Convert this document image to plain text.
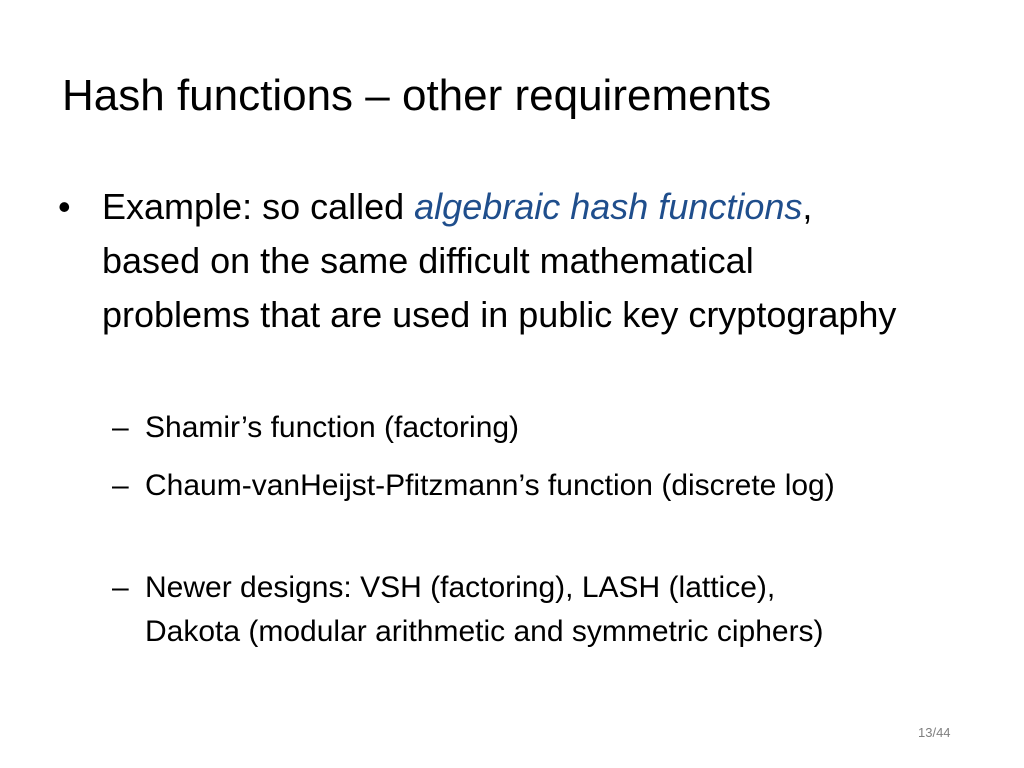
Hash functions – other requirements
• Example: so called algebraic hash functions, based on the same difficult mathematical problems that are used in public key cryptography
– Shamir’s function (factoring)
– Chaum-vanHeijst-Pfitzmann’s function (discrete log)
– Newer designs: VSH (factoring), LASH (lattice), Dakota (modular arithmetic and symmetric ciphers)
13/44
